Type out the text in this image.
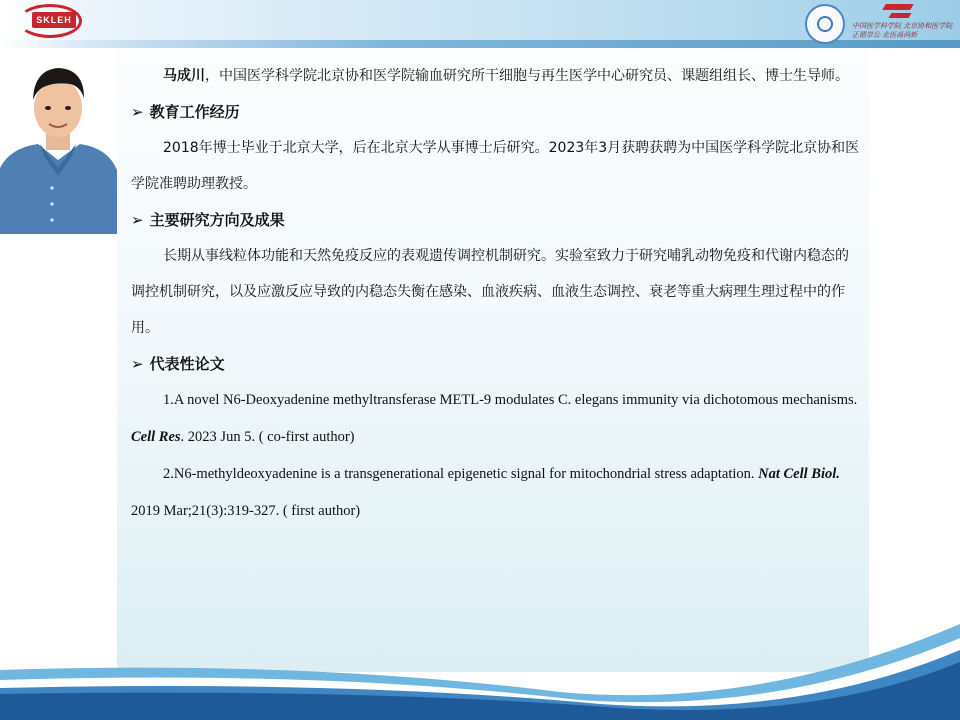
SKLEH
中国医学科学院 北京协和医学院
正德崇公 北医高尚新

马成川，中国医学科学院北京协和医学院输血研究所干细胞与再生医学中心研究员、课题组组长、博士生导师。

➢ 教育工作经历

2018年博士毕业于北京大学，后在北京大学从事博士后研究。2023年3月获聘获聘为中国医学科学院北京协和医学院准聘助理教授。

➢ 主要研究方向及成果

长期从事线粒体功能和天然免疫反应的表观遗传调控机制研究。实验室致力于研究哺乳动物免疫和代谢内稳态的调控机制研究，以及应激反应导致的内稳态失衡在感染、血液疾病、血液生态调控、衰老等重大病理生理过程中的作用。

➢ 代表性论文

1.A novel N6-Deoxyadenine methyltransferase METL-9 modulates C. elegans immunity via dichotomous mechanisms. Cell Res. 2023 Jun 5. ( co-first author)

2.N6-methyldeoxyadenine is a transgenerational epigenetic signal for mitochondrial stress adaptation. Nat Cell Biol. 2019 Mar;21(3):319-327. ( first author)
